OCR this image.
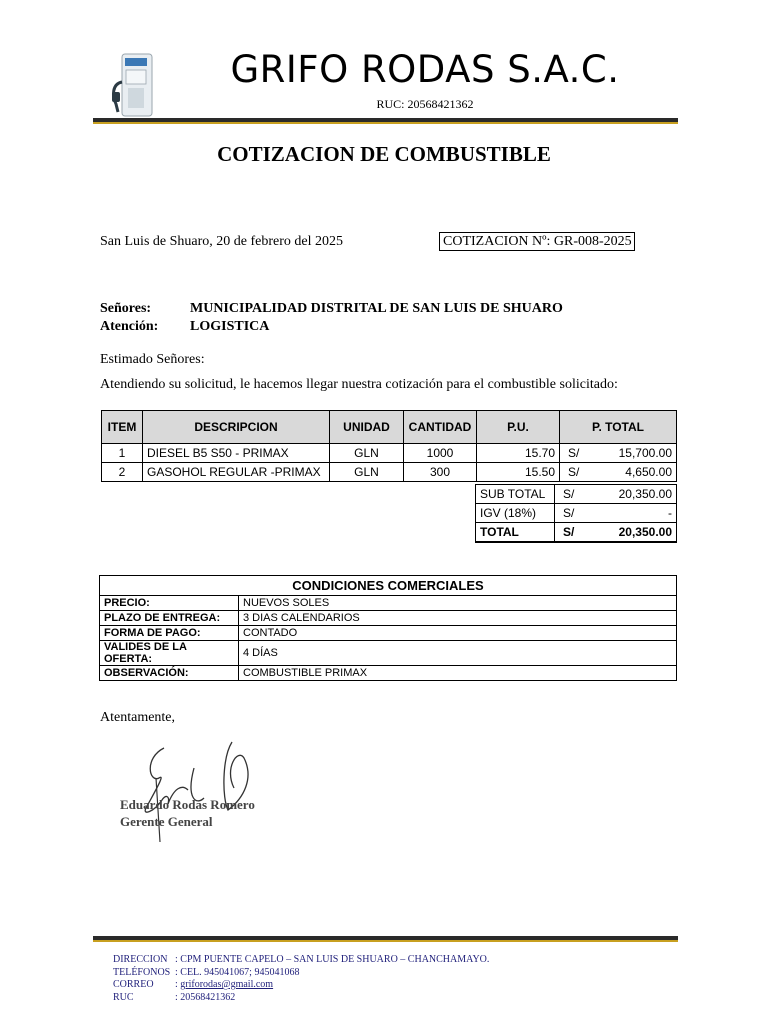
GRIFO RODAS S.A.C.
RUC: 20568421362
COTIZACION DE COMBUSTIBLE
San Luis de Shuaro, 20 de febrero del 2025	COTIZACION Nº: GR-008-2025
Señores:	MUNICIPALIDAD DISTRITAL DE SAN LUIS DE SHUARO
Atención: LOGISTICA
Estimado Señores:
Atendiendo su solicitud, le hacemos llegar nuestra cotización para el combustible solicitado:
ITEM	DESCRIPCION	UNIDAD	CANTIDAD	P.U.	P. TOTAL	
1	DIESEL B5 S50 - PRIMAX	GLN	1000	15.70	S/	15,700.00
2	GASOHOL REGULAR -PRIMAX	GLN	300	15.50	S/	4,650.00
SUB TOTAL	S/	20,350.00
IGV (18%)	S/	-
TOTAL	S/	20,350.00
CONDICIONES COMERCIALES	
PRECIO:	NUEVOS SOLES
PLAZO DE ENTREGA:	3 DIAS CALENDARIOS
FORMA DE PAGO:	CONTADO
VALIDES DE LA OFERTA:	4 DÍAS
OBSERVACIÓN:	COMBUSTIBLE PRIMAX
Atentamente,
Eduardo Rodas Romero
Gerente General
DIRECCION : CPM PUENTE CAPELO – SAN LUIS DE SHUARO – CHANCHAMAYO.
TELÉFONOS : CEL. 945041067; 945041068
CORREO : griforodas@gmail.com
RUC	: 20568421362
